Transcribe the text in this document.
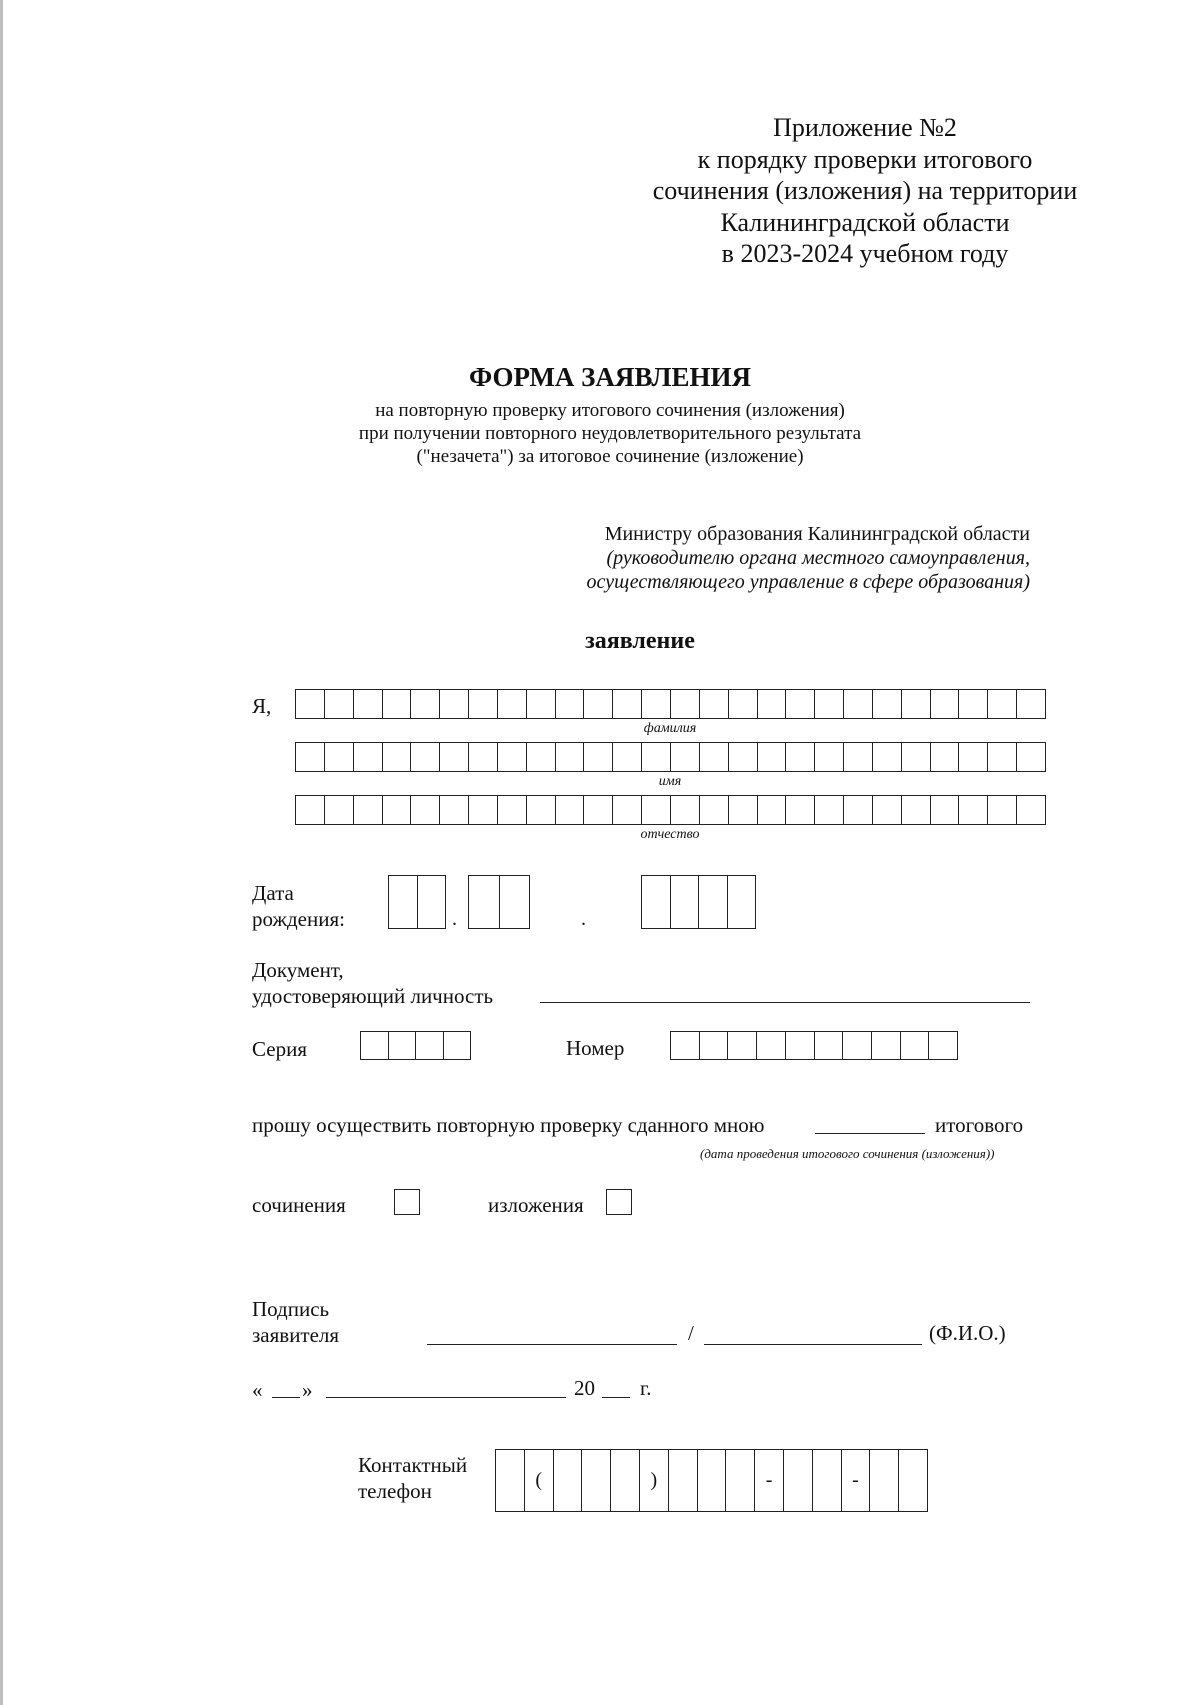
Приложение №2
к порядку проверки итогового
сочинения (изложения) на территории
Калининградской области
в 2023-2024 учебном году
ФОРМА ЗАЯВЛЕНИЯ
на повторную проверку итогового сочинения (изложения)
при получении повторного неудовлетворительного результата
("незачета") за итоговое сочинение (изложение)
Министру образования Калининградской области
(руководителю органа местного самоуправления,
осуществляющего управление в сфере образования)
заявление
Я,
фамилия
имя
отчество
Дата
рождения:	.	.
Документ,
удостоверяющий личность
Серия	Номер
прошу осуществить повторную проверку сданного мною	итогового
(дата проведения итогового сочинения (изложения))
сочинения	изложения
Подпись
заявителя	/	(Ф.И.О.)
« »	20 г.
Контактный
телефон	(	)	-	-
